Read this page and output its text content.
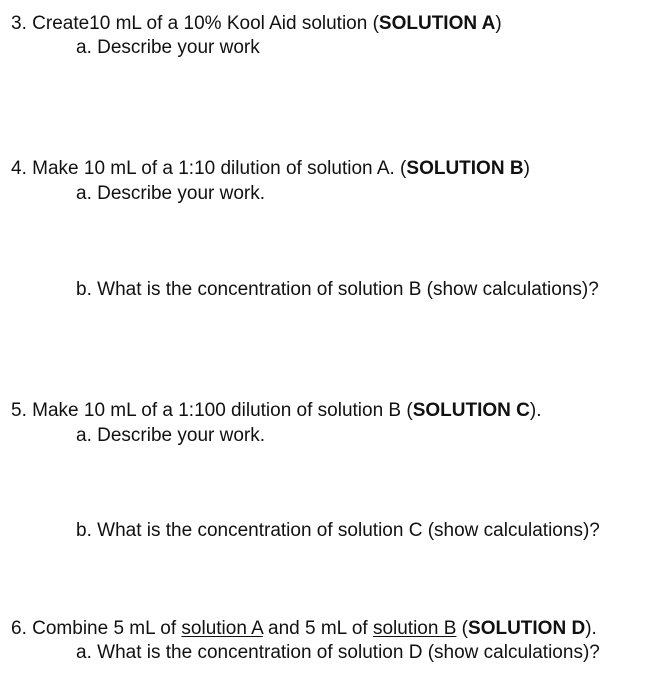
3. Create10 mL of a 10% Kool Aid solution (SOLUTION A)
a. Describe your work
4. Make 10 mL of a 1:10 dilution of solution A. (SOLUTION B)
a. Describe your work.
b. What is the concentration of solution B (show calculations)?
5. Make 10 mL of a 1:100 dilution of solution B (SOLUTION C).
a. Describe your work.
b. What is the concentration of solution C (show calculations)?
6. Combine 5 mL of solution A and 5 mL of solution B (SOLUTION D).
a. What is the concentration of solution D (show calculations)?
